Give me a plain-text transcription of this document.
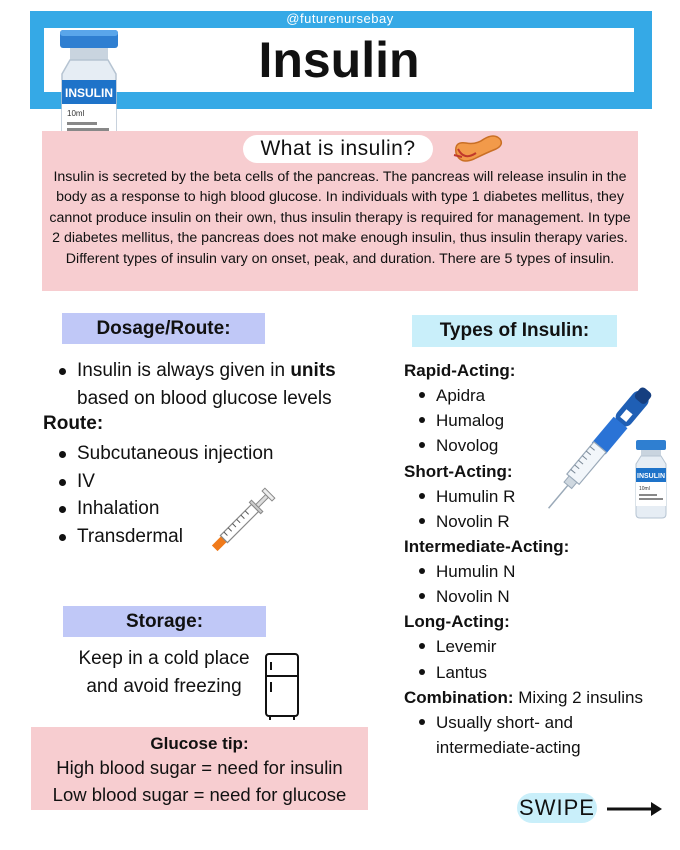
@futurenursebay
Insulin
INSULIN
10ml
What is insulin?
Insulin is secreted by the beta cells of the pancreas. The pancreas will release insulin in the body as a response to high blood glucose. In individuals with type 1 diabetes mellitus, they cannot produce insulin on their own, thus insulin therapy is required for management. In type 2 diabetes mellitus, the pancreas does not make enough insulin, thus insulin therapy varies. Different types of insulin vary on onset, peak, and duration. There are 5 types of insulin.
Dosage/Route:
Insulin is always given in units based on blood glucose levels
Route:
Subcutaneous injection
IV
Inhalation
Transdermal
Storage:
Keep in a cold place
and avoid freezing
Glucose tip:
High blood sugar = need for insulin
Low blood sugar = need for glucose
Types of Insulin:
Rapid-Acting:
Apidra
Humalog
Novolog
Short-Acting:
Humulin R
Novolin R
Intermediate-Acting:
Humulin N
Novolin N
Long-Acting:
Levemir
Lantus
Combination: Mixing 2 insulins
Usually short- and intermediate-acting
INSULIN
10ml
SWIPE
